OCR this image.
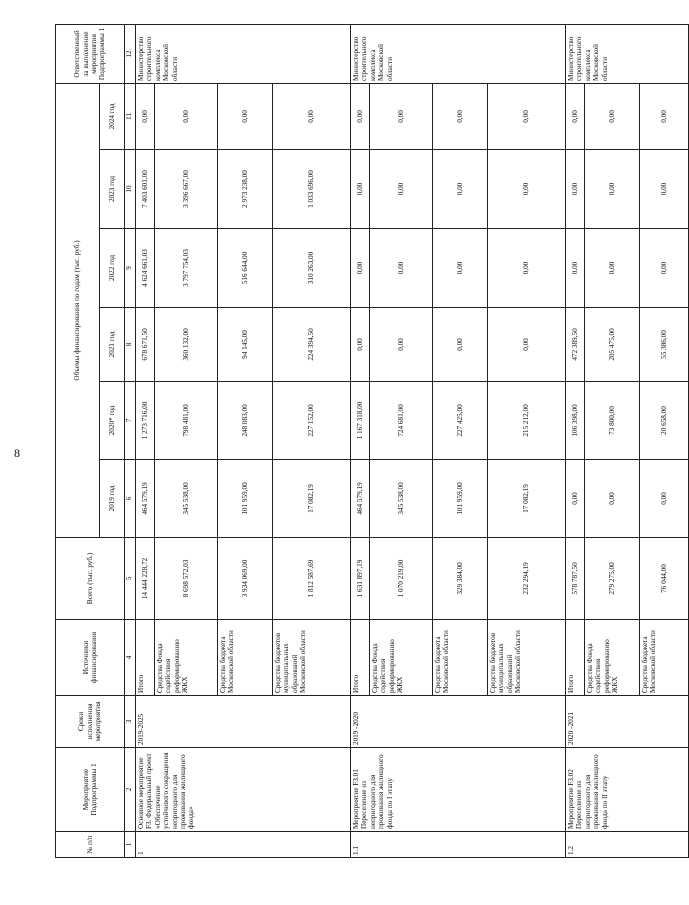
8
№ п/п	Мероприятие Подпрограммы 1	Сроки исполнения мероприятия	Источники финансирования	Всего (тыс. руб.)	Объемы финансирования по годам (тыс. руб.)						Ответственный за выполнение мероприятия Подпрограммы 1
					2019 год	2020* год	2021 год	2022 год	2023 год	2024 год	
1	2	3	4	5	6	7	8	9	10	11	12
1	Основное мероприятие F3. Федеральный проект «Обеспечение устойчивого сокращения непригодного для проживания жилищного фонда»	2019-2025	Итого	14 444 228,72	464 579,19	1 273 716,00	678 671,50	4 624 661,03	7 403 601,00	0,00	Министерство строительного комплекса Московской области
			Средства Фонда содействия реформированию ЖКХ	8 698 572,03	345 538,00	798 481,00	360 132,00	3 797 754,03	3 396 667,00	0,00	
			Средства бюджета Московской области	3 934 069,00	101 959,00	248 083,00	94 145,00	516 644,00	2 973 238,00	0,00	
			Средства бюджетов муниципальных образований Московской области	1 812 587,69	17 082,19	227 152,00	224 394,50	310 263,00	1 033 696,00	0,00	
1.1	Мероприятие F3.01 Переселение из непригодного для проживания жилищного фонда по I этапу	2019 -2020	Итого	1 631 897,19	464 579,19	1 167 318,00	0,00	0,00	0,00	0,00	Министерство строительного комплекса Московской области
			Средства Фонда содействия реформированию ЖКХ	1 070 219,00	345 538,00	724 681,00	0,00	0,00	0,00	0,00	
			Средства бюджета Московской области	329 384,00	101 959,00	227 425,00	0,00	0,00	0,00	0,00	
			Средства бюджетов муниципальных образований Московской области	232 294,19	17 082,19	215 212,00	0,00	0,00	0,00	0,00	
1.2	Мероприятие F3.02 Переселение из непригодного для проживания жилищного фонда по II этапу	2020 -2021	Итого	578 787,50	0,00	106 398,00	472 389,50	0,00	0,00	0,00	Министерство строительного комплекса Московской области
			Средства Фонда содействия реформированию ЖКХ	279 275,00	0,00	73 800,00	205 475,00	0,00	0,00	0,00	
			Средства бюджета Московской области	76 044,00	0,00	20 658,00	55 386,00	0,00	0,00	0,00	
